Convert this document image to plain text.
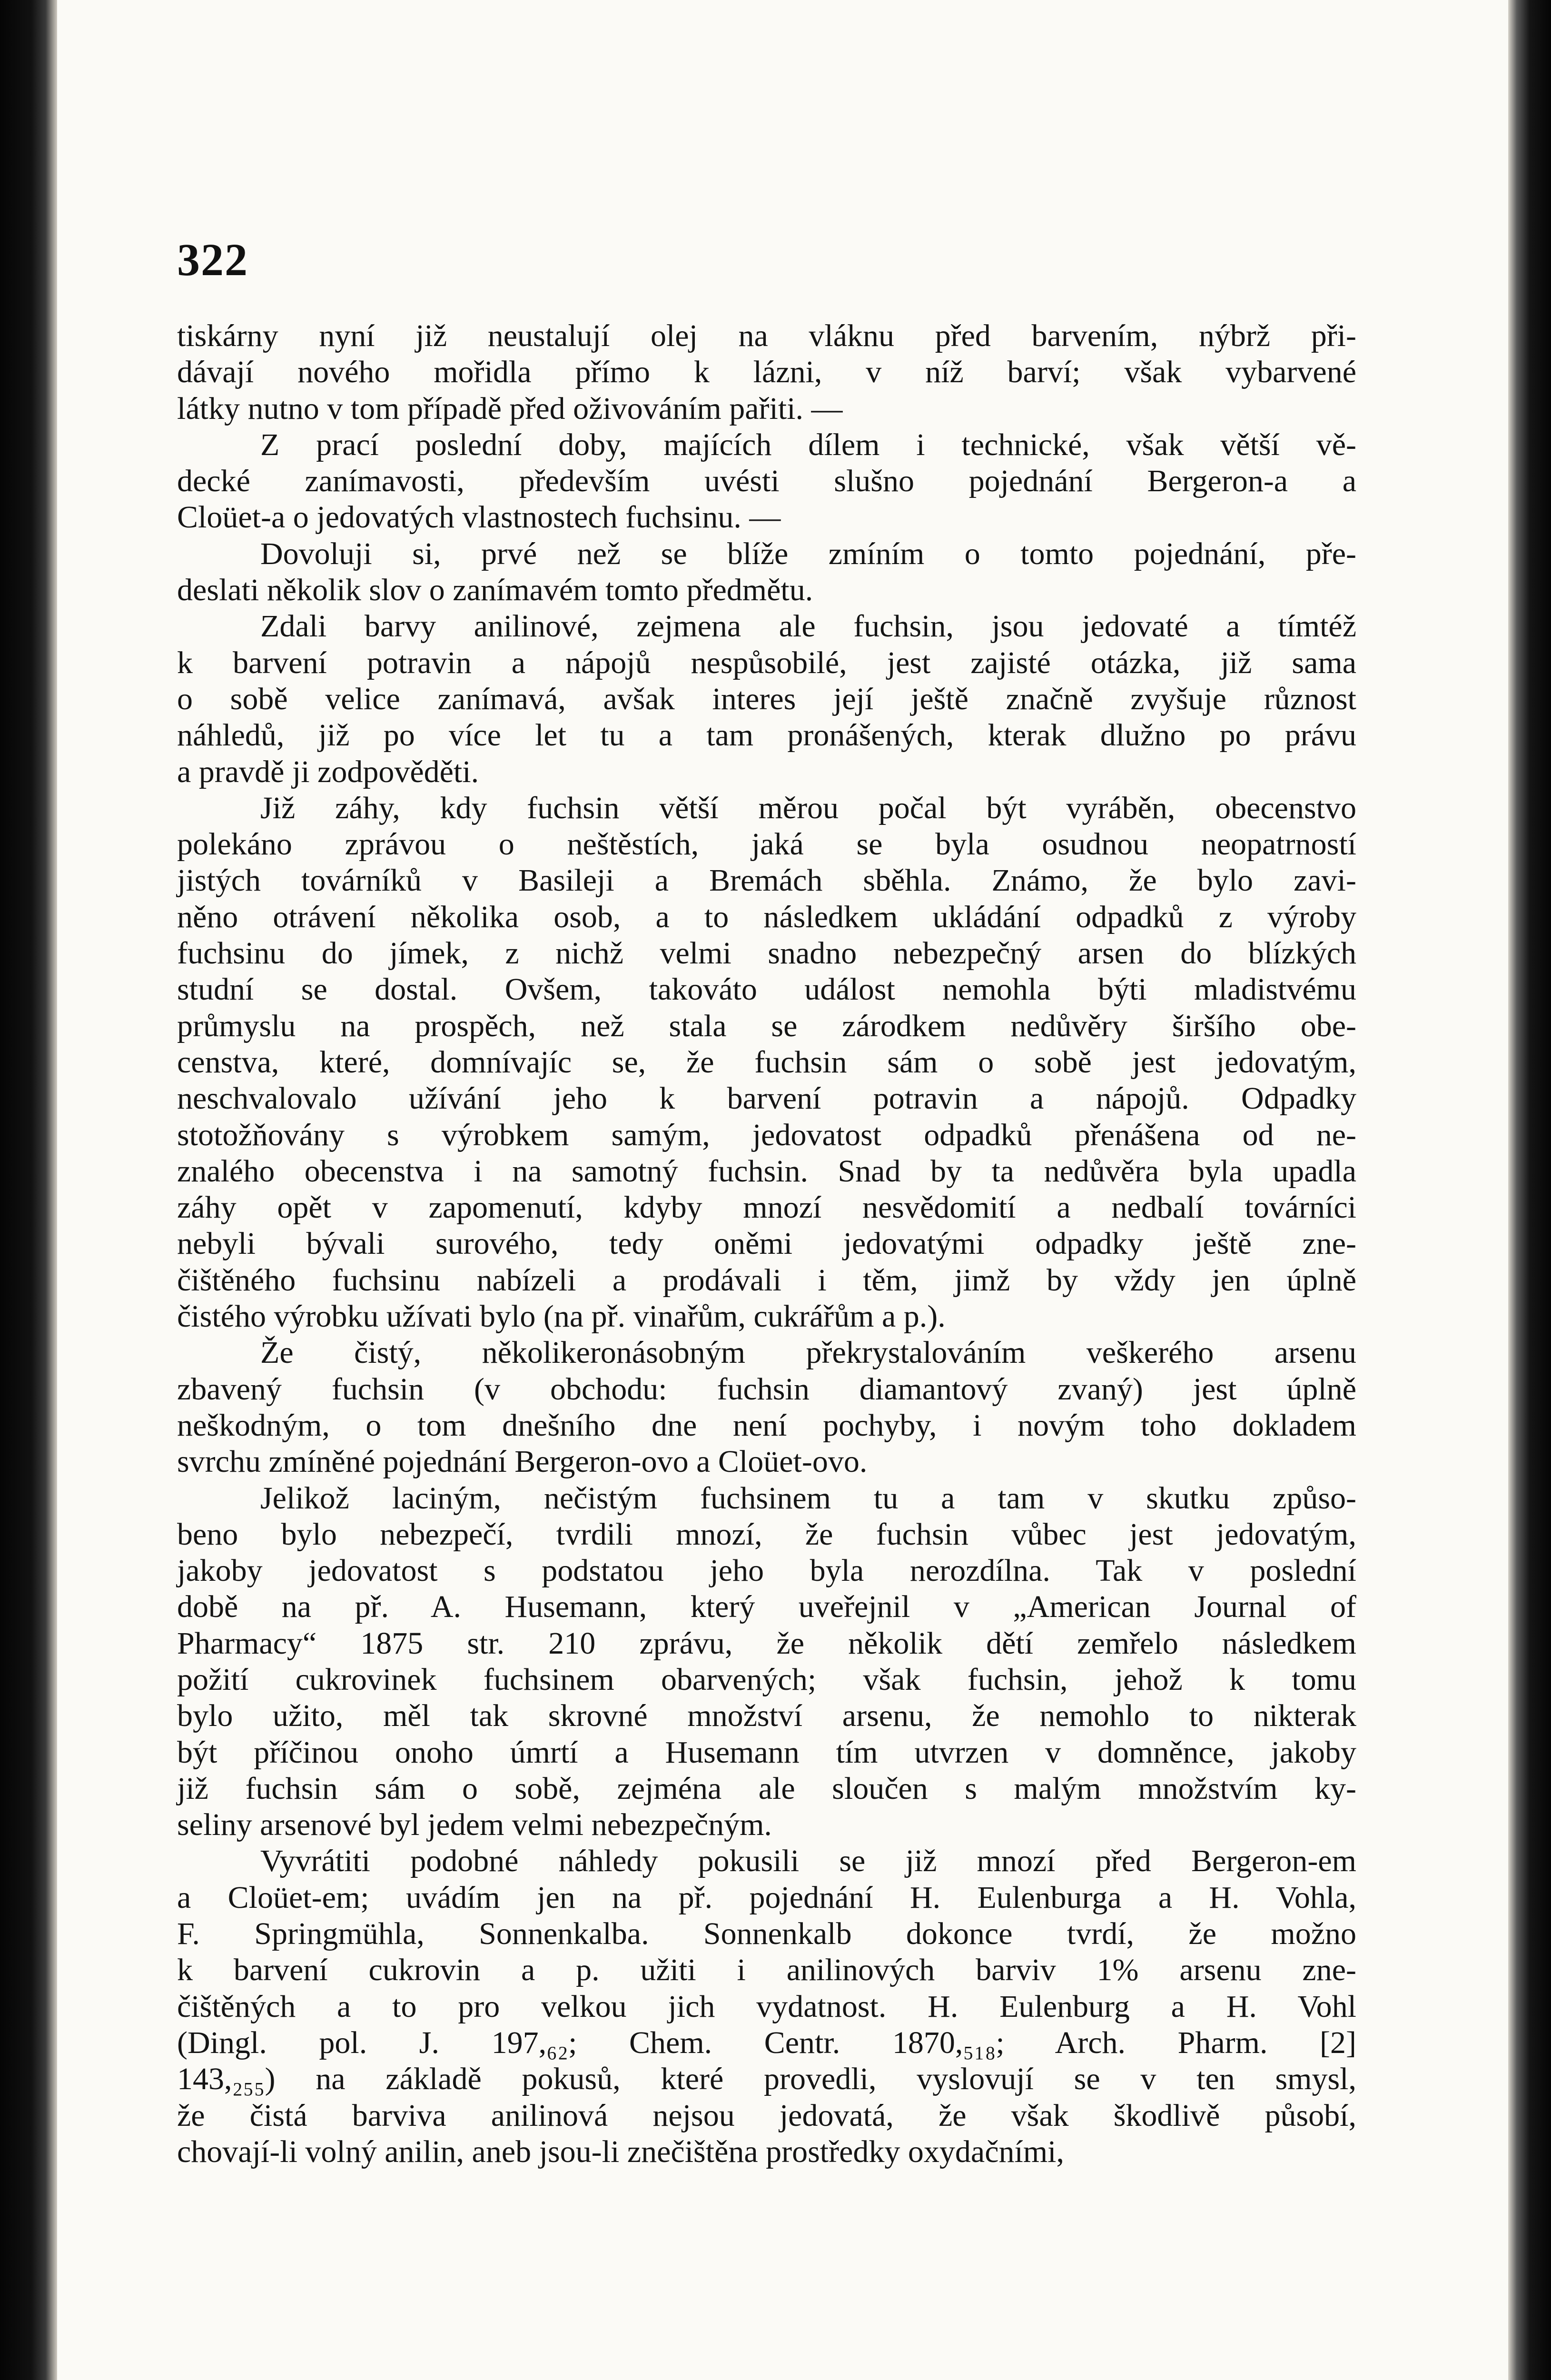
322
tiskárny nyní již neustalují olej na vláknu před barvením, nýbrž při-
dávají nového mořidla přímo k lázni, v níž barví; však vybarvené
látky nutno v tom případě před oživováním pařiti. —
Z prací poslední doby, majících dílem i technické, však větší vě-
decké zanímavosti, především uvésti slušno pojednání Bergeron-a a
Cloüet-a o jedovatých vlastnostech fuchsinu. —
Dovoluji si, prvé než se blíže zmíním o tomto pojednání, pře-
deslati několik slov o zanímavém tomto předmětu.
Zdali barvy anilinové, zejmena ale fuchsin, jsou jedovaté a tímtéž
k barvení potravin a nápojů nespůsobilé, jest zajisté otázka, již sama
o sobě velice zanímavá, avšak interes její ještě značně zvyšuje různost
náhledů, již po více let tu a tam pronášených, kterak dlužno po právu
a pravdě ji zodpověděti.
Již záhy, kdy fuchsin větší měrou počal být vyráběn, obecenstvo
polekáno zprávou o neštěstích, jaká se byla osudnou neopatrností
jistých továrníků v Basileji a Bremách sběhla. Známo, že bylo zavi-
něno otrávení několika osob, a to následkem ukládání odpadků z výroby
fuchsinu do jímek, z nichž velmi snadno nebezpečný arsen do blízkých
studní se dostal. Ovšem, takováto událost nemohla býti mladistvému
průmyslu na prospěch, než stala se zárodkem nedůvěry širšího obe-
censtva, které, domnívajíc se, že fuchsin sám o sobě jest jedovatým,
neschvalovalo užívání jeho k barvení potravin a nápojů. Odpadky
stotožňovány s výrobkem samým, jedovatost odpadků přenášena od ne-
znalého obecenstva i na samotný fuchsin. Snad by ta nedůvěra byla upadla
záhy opět v zapomenutí, kdyby mnozí nesvědomití a nedbalí továrníci
nebyli bývali surového, tedy oněmi jedovatými odpadky ještě zne-
čištěného fuchsinu nabízeli a prodávali i těm, jimž by vždy jen úplně
čistého výrobku užívati bylo (na př. vinařům, cukrářům a p.).
Že čistý, několikeronásobným překrystalováním veškerého arsenu
zbavený fuchsin (v obchodu: fuchsin diamantový zvaný) jest úplně
neškodným, o tom dnešního dne není pochyby, i novým toho dokladem
svrchu zmíněné pojednání Bergeron-ovo a Cloüet-ovo.
Jelikož laciným, nečistým fuchsinem tu a tam v skutku způso-
beno bylo nebezpečí, tvrdili mnozí, že fuchsin vůbec jest jedovatým,
jakoby jedovatost s podstatou jeho byla nerozdílna. Tak v poslední
době na př. A. Husemann, který uveřejnil v „American Journal of
Pharmacy“ 1875 str. 210 zprávu, že několik dětí zemřelo následkem
požití cukrovinek fuchsinem obarvených; však fuchsin, jehož k tomu
bylo užito, měl tak skrovné množství arsenu, že nemohlo to nikterak
být příčinou onoho úmrtí a Husemann tím utvrzen v domněnce, jakoby
již fuchsin sám o sobě, zejména ale sloučen s malým množstvím ky-
seliny arsenové byl jedem velmi nebezpečným.
Vyvrátiti podobné náhledy pokusili se již mnozí před Bergeron-em
a Cloüet-em; uvádím jen na př. pojednání H. Eulenburga a H. Vohla,
F. Springmühla, Sonnenkalba. Sonnenkalb dokonce tvrdí, že možno
k barvení cukrovin a p. užiti i anilinových barviv 1% arsenu zne-
čištěných a to pro velkou jich vydatnost. H. Eulenburg a H. Vohl
(Dingl. pol. J. 197,₆₂; Chem. Centr. 1870,₅₁₈; Arch. Pharm. [2]
143,₂₅₅) na základě pokusů, které provedli, vyslovují se v ten smysl,
že čistá barviva anilinová nejsou jedovatá, že však škodlivě působí,
chovají-li volný anilin, aneb jsou-li znečištěna prostředky oxydačními,
